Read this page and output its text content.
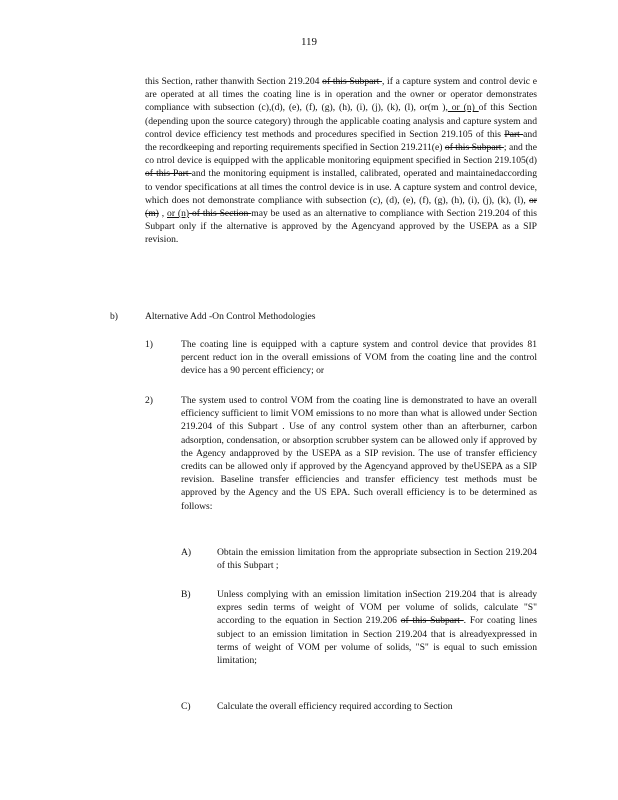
119
this Section, rather thanwith Section 219.204 of this Subpart , if a capture system and control devic e are operated at all times the coating line is in operation and the owner or operator demonstrates compliance with subsection (c),(d), (e), (f), (g), (h), (i), (j), (k), (l), or(m ), or (n) of this Section (depending upon the source category) through the applicable coating analysis and capture system and control device efficiency test methods and procedures specified in Section 219.105 of this Part and the recordkeeping and reporting requirements specified in Section 219.211(e) of this Subpart ; and the co ntrol device is equipped with the applicable monitoring equipment specified in Section 219.105(d) of this Part and the monitoring equipment is installed, calibrated, operated and maintainedaccording to vendor specifications at all times the control device is in use. A capture system and control device, which does not demonstrate compliance with subsection (c), (d), (e), (f), (g), (h), (i), (j), (k), (l), or (m) , or (n) of this Section may be used as an alternative to compliance with Section 219.204 of this Subpart only if the alternative is approved by the Agencyand approved by the USEPA as a SIP revision.
b)	Alternative Add -On Control Methodologies
1)	The coating line is equipped with a capture system and control device that provides 81 percent reduct ion in the overall emissions of VOM from the coating line and the control device has a 90 percent efficiency; or
2)	The system used to control VOM from the coating line is demonstrated to have an overall efficiency sufficient to limit VOM emissions to no more than what is allowed under Section 219.204 of this Subpart . Use of any control system other than an afterburner, carbon adsorption, condensation, or absorption scrubber system can be allowed only if approved by the Agency andapproved by the USEPA as a SIP revision. The use of transfer efficiency credits can be allowed only if approved by the Agencyand approved by theUSEPA as a SIP revision. Baseline transfer efficiencies and transfer efficiency test methods must be approved by the Agency and the US EPA. Such overall efficiency is to be determined as follows:
A)	Obtain the emission limitation from the appropriate subsection in Section 219.204 of this Subpart ;
B)	Unless complying with an emission limitation inSection 219.204 that is already expres sedin terms of weight of VOM per volume of solids, calculate "S" according to the equation in Section 219.206 of this Subpart . For coating lines subject to an emission limitation in Section 219.204 that is alreadyexpressed in terms of weight of VOM per volume of solids, "S" is equal to such emission limitation;
C)	Calculate the overall efficiency required according to Section
